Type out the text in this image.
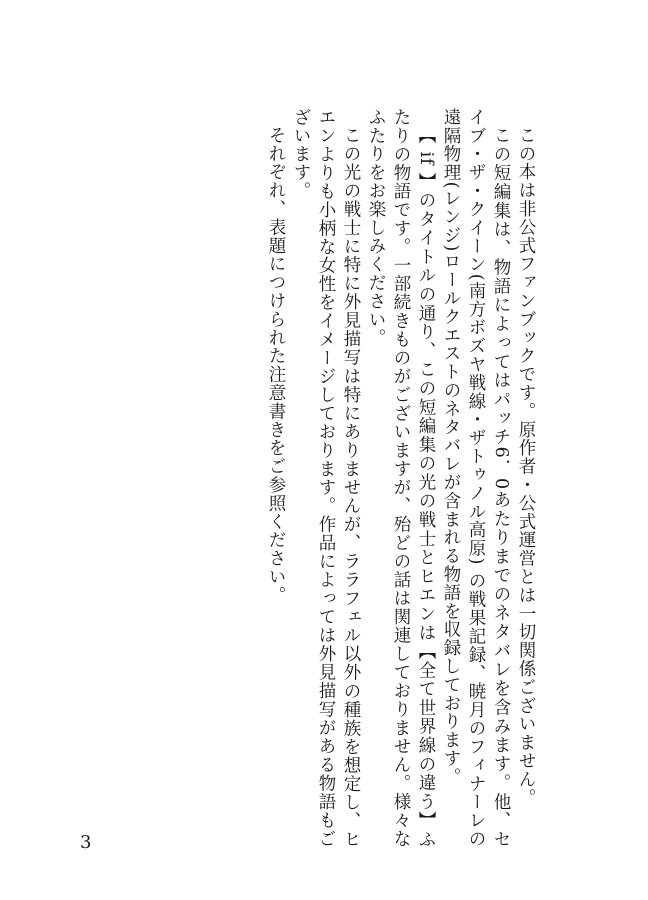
この本は非公式ファンブックです。原作者・公式運営とは一切関係ございません。

この短編集は、物語によってはパッチ6．0あたりまでのネタバレを含みます。他、セイブ・ザ・クイーン(南方ボズヤ戦線・ザトゥノル高原) の戦果記録、暁月のフィナーレの遠隔物理(レンジ)ロールクエストのネタバレが含まれる物語を収録しております。

【 if 】のタイトルの通り、この短編集の光の戦士とヒエンは【全て世界線の違う】ふたりの物語です。一部続きものがございますが、殆どの話は関連しておりません。様々なふたりをお楽しみください。

この光の戦士に特に外見描写は特にありませんが、ララフェル以外の種族を想定し、ヒエンよりも小柄な女性をイメージしております。作品によっては外見描写がある物語もございます。

それぞれ、表題につけられた注意書きをご参照ください。

3
